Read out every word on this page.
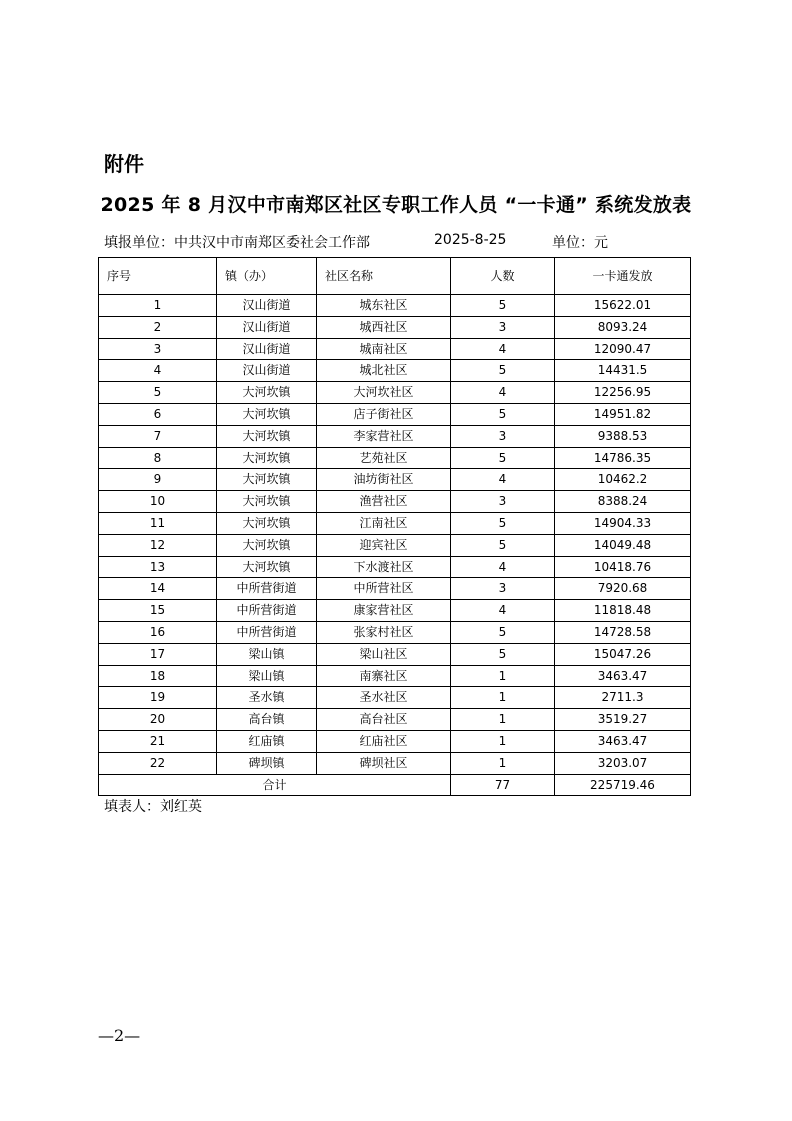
附件
2025 年 8 月汉中市南郑区社区专职工作人员 “一卡通” 系统发放表
填报单位：中共汉中市南郑区委社会工作部	2025-8-25	单位：元
序号	镇（办）	社区名称	人数	一卡通发放
1	汉山街道	城东社区	5	15622.01
2	汉山街道	城西社区	3	8093.24
3	汉山街道	城南社区	4	12090.47
4	汉山街道	城北社区	5	14431.5
5	大河坎镇	大河坎社区	4	12256.95
6	大河坎镇	店子街社区	5	14951.82
7	大河坎镇	李家营社区	3	9388.53
8	大河坎镇	艺苑社区	5	14786.35
9	大河坎镇	油坊街社区	4	10462.2
10	大河坎镇	渔营社区	3	8388.24
11	大河坎镇	江南社区	5	14904.33
12	大河坎镇	迎宾社区	5	14049.48
13	大河坎镇	下水渡社区	4	10418.76
14	中所营街道	中所营社区	3	7920.68
15	中所营街道	康家营社区	4	11818.48
16	中所营街道	张家村社区	5	14728.58
17	梁山镇	梁山社区	5	15047.26
18	梁山镇	南寨社区	1	3463.47
19	圣水镇	圣水社区	1	2711.3
20	高台镇	高台社区	1	3519.27
21	红庙镇	红庙社区	1	3463.47
22	碑坝镇	碑坝社区	1	3203.07
合计			77	225719.46
填表人：刘红英
—2—
